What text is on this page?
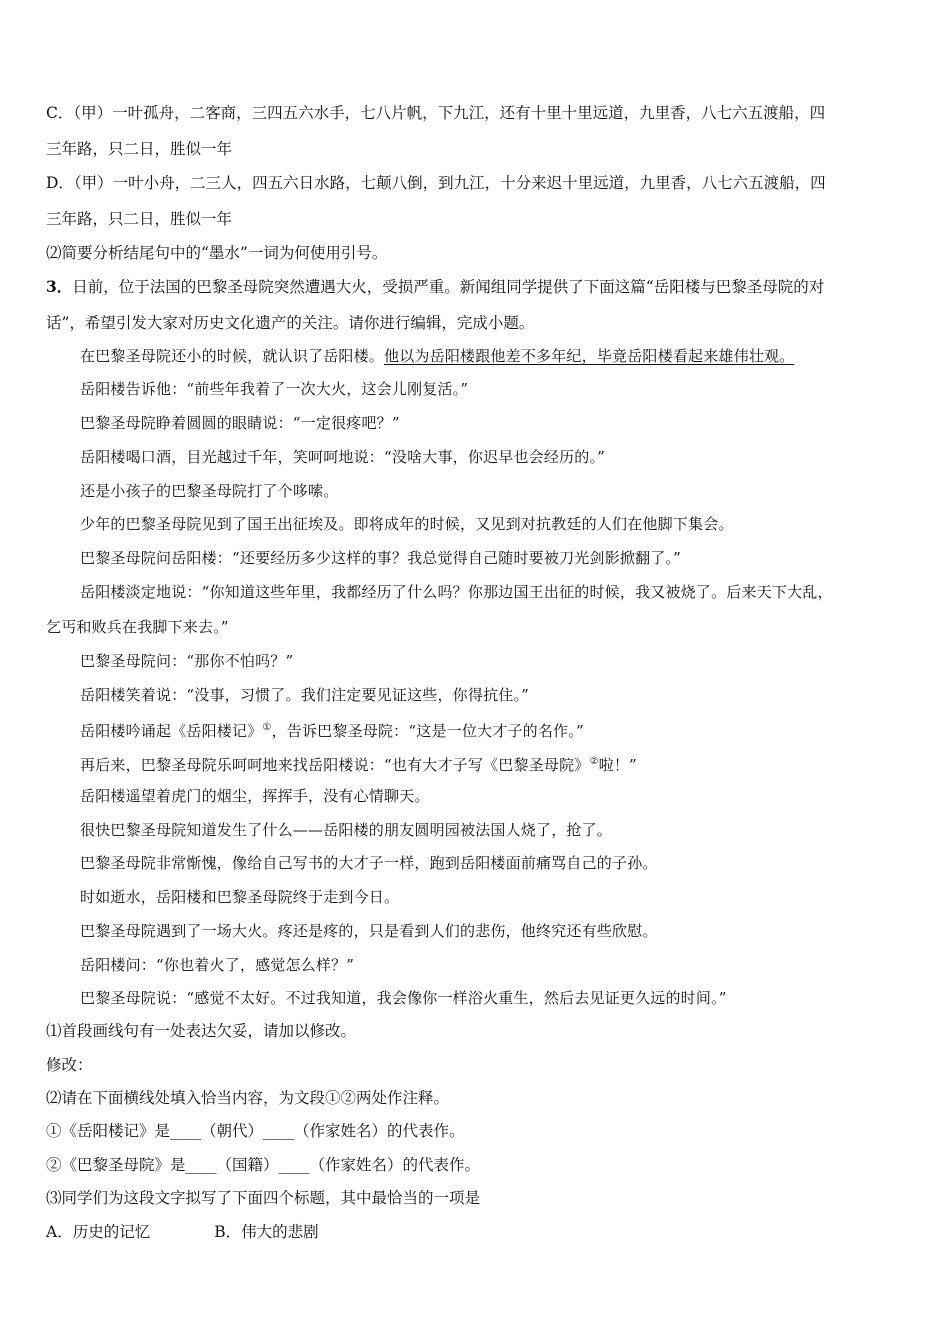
C．（甲）一叶孤舟，二客商，三四五六水手，七八片帆，下九江，还有十里十里远道，九里香，八七六五渡船，四
三年路，只二日，胜似一年
D．（甲）一叶小舟，二三人，四五六日水路，七颠八倒，到九江，十分来迟十里远道，九里香，八七六五渡船，四
三年路，只二日，胜似一年
⑵简要分析结尾句中的“墨水”一词为何使用引号。
3．日前，位于法国的巴黎圣母院突然遭遇大火，受损严重。新闻组同学提供了下面这篇“岳阳楼与巴黎圣母院的对
话”，希望引发大家对历史文化遗产的关注。请你进行编辑，完成小题。
在巴黎圣母院还小的时候，就认识了岳阳楼。他以为岳阳楼跟他差不多年纪，毕竟岳阳楼看起来雄伟壮观。
岳阳楼告诉他：“前些年我着了一次大火，这会儿刚复活。”
巴黎圣母院睁着圆圆的眼睛说：“一定很疼吧？”
岳阳楼喝口酒，目光越过千年，笑呵呵地说：“没啥大事，你迟早也会经历的。”
还是小孩子的巴黎圣母院打了个哆嗦。
少年的巴黎圣母院见到了国王出征埃及。即将成年的时候，又见到对抗教廷的人们在他脚下集会。
巴黎圣母院问岳阳楼：“还要经历多少这样的事？我总觉得自己随时要被刀光剑影掀翻了。”
岳阳楼淡定地说：“你知道这些年里，我都经历了什么吗？你那边国王出征的时候，我又被烧了。后来天下大乱，
乞丐和败兵在我脚下来去。”
巴黎圣母院问：“那你不怕吗？”
岳阳楼笑着说：“没事，习惯了。我们注定要见证这些，你得抗住。”
岳阳楼吟诵起《岳阳楼记》①，告诉巴黎圣母院：“这是一位大才子的名作。”
再后来，巴黎圣母院乐呵呵地来找岳阳楼说：“也有大才子写《巴黎圣母院》②啦！”
岳阳楼遥望着虎门的烟尘，挥挥手，没有心情聊天。
很快巴黎圣母院知道发生了什么——岳阳楼的朋友圆明园被法国人烧了，抢了。
巴黎圣母院非常惭愧，像给自己写书的大才子一样，跑到岳阳楼面前痛骂自己的子孙。
时如逝水，岳阳楼和巴黎圣母院终于走到今日。
巴黎圣母院遇到了一场大火。疼还是疼的，只是看到人们的悲伤，他终究还有些欣慰。
岳阳楼问：“你也着火了，感觉怎么样？”
巴黎圣母院说：“感觉不太好。不过我知道，我会像你一样浴火重生，然后去见证更久远的时间。”
⑴首段画线句有一处表达欠妥，请加以修改。
修改：
⑵请在下面横线处填入恰当内容，为文段①②两处作注释。
①《岳阳楼记》是____（朝代）____（作家姓名）的代表作。
②《巴黎圣母院》是____（国籍）____（作家姓名）的代表作。
⑶同学们为这段文字拟写了下面四个标题，其中最恰当的一项是
A．历史的记忆	B．伟大的悲剧
